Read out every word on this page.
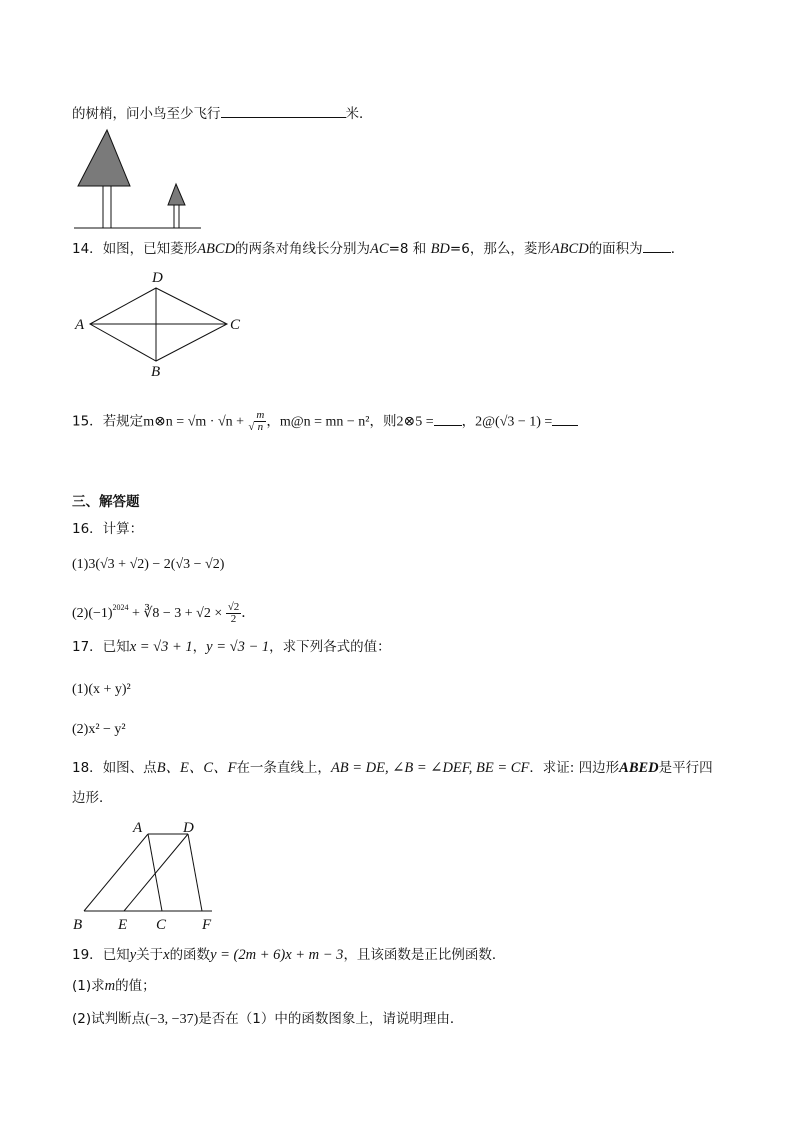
的树梢，问小鸟至少飞行	米．
14．如图，已知菱形ABCD的两条对角线长分别为AC=8 和 BD=6，那么，菱形ABCD的面积为 ．
A
D
C
B
15．若规定m⊗n = √m · √n + √ $\frac{m}{n}$ ，m@n = mn − n²，则2⊗5 = ，2@(√3 − 1) =
三、解答题
16．计算：
(1)3(√3 + √2) − 2(√3 − √2)
$(2)(-1)^{2024}$ + ∛8 − $3 + √2 \times \frac{√2}{2}$ ．
17．已知x = √3 + 1，y = √3 − 1，求下列各式的值：
(1)(x + y)²
(2)x² − y²
18．如图、点B、E、C、F在一条直线上，AB = DE, ∠B = ∠DEF, BE = CF．求证: 四边形ABED是平行四
边形．
A	D
B E C F
19．已知y关于x的函数y = (2m + 6)x + m − 3，且该函数是正比例函数．
(1)求m的值；
(2)试判断点(−3, −37)是否在（1）中的函数图象上，请说明理由．
